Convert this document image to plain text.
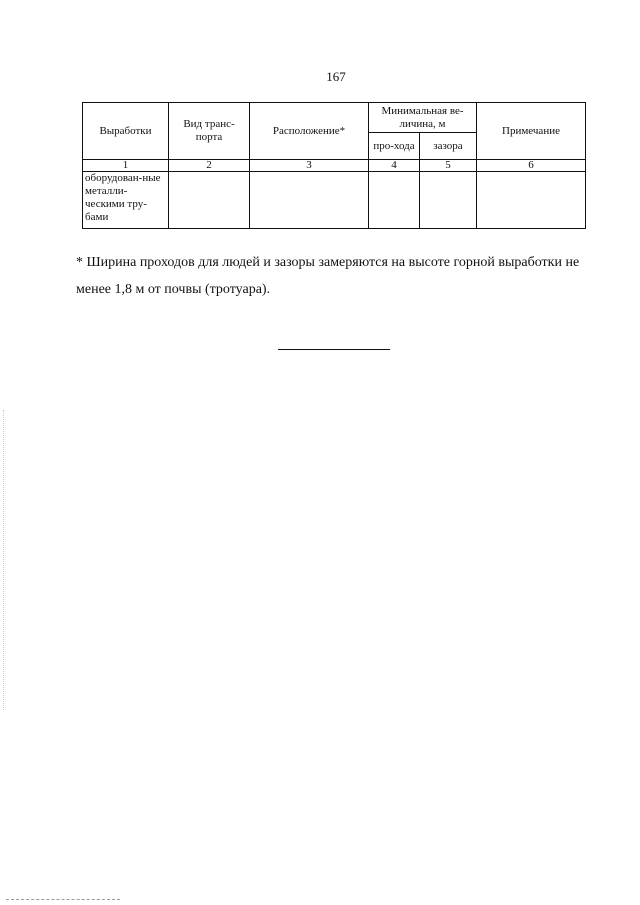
167
Выработки	Вид транс-порта	Расположение*	Минимальная ве-личина, м		Примечание
			про-хода	зазора	
1	2	3	4	5	6
оборудован-ные металли-ческими тру-бами					
* Ширина проходов для людей и зазоры замеряются на высоте горной выработки не менее 1,8 м от почвы (тротуара).
